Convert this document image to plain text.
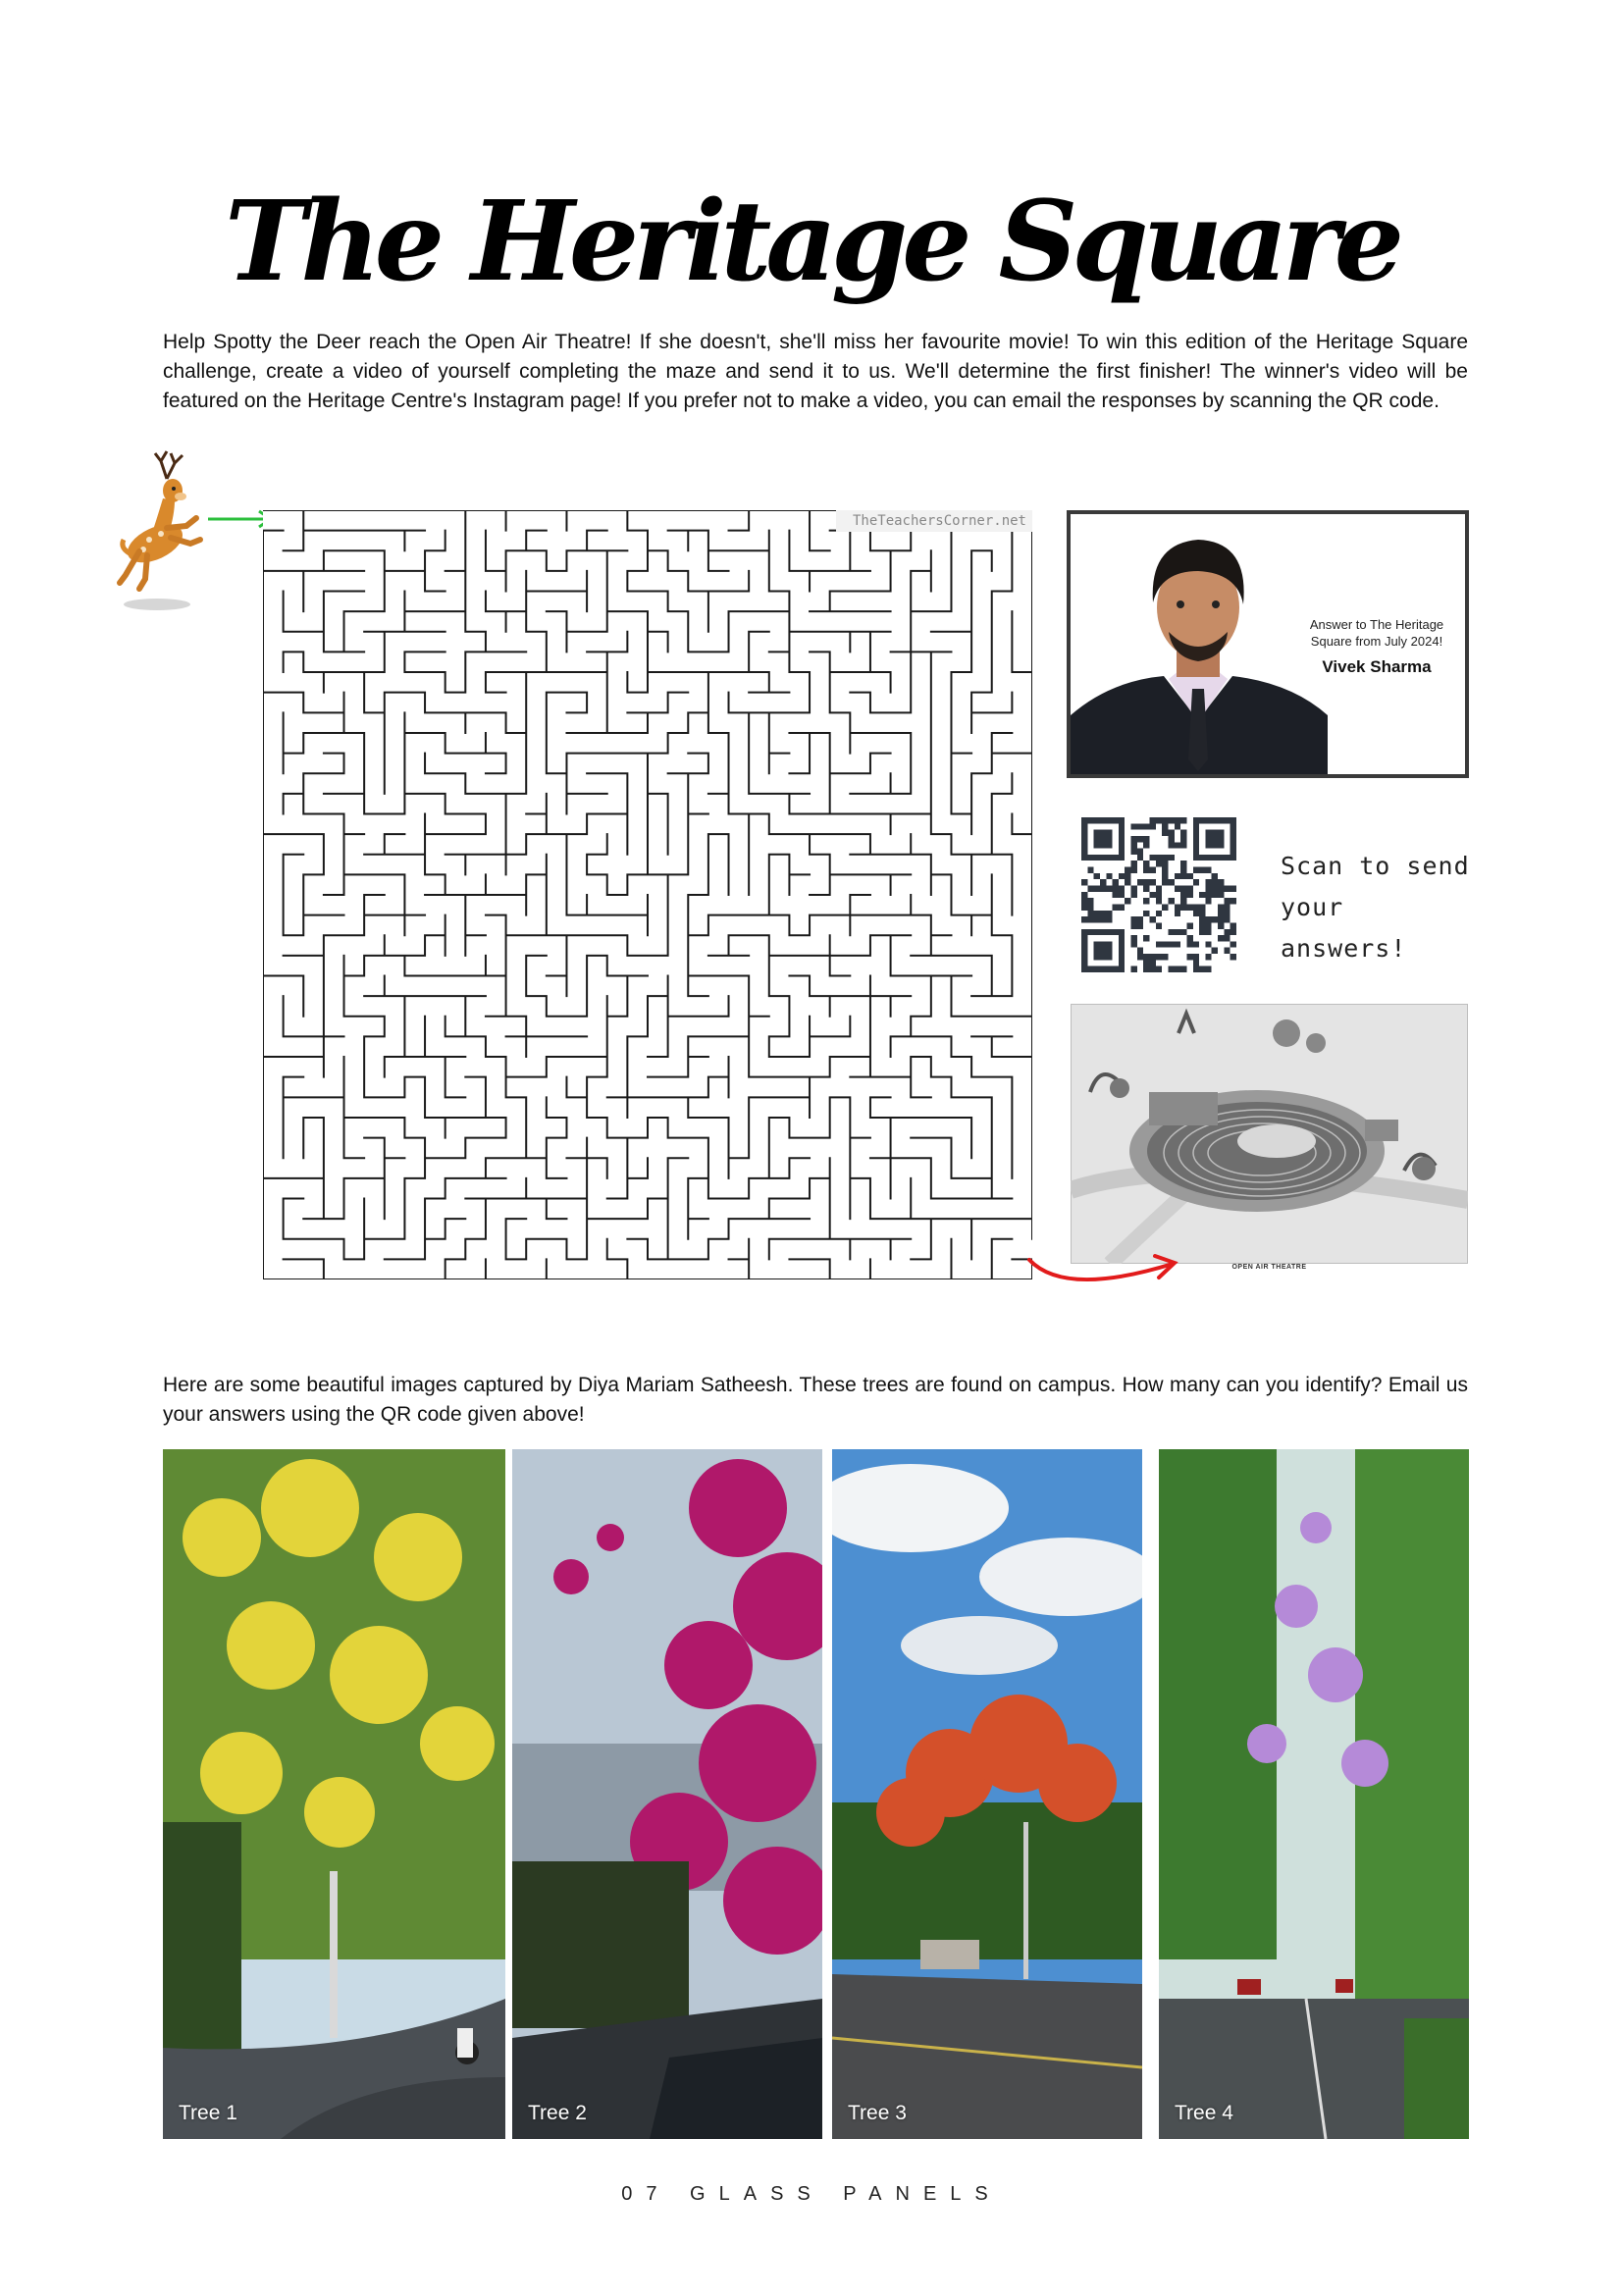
The Heritage Square
Help Spotty the Deer reach the Open Air Theatre! If she doesn't, she'll miss her favourite movie! To win this edition of the Heritage Square challenge, create a video of yourself completing the maze and send it to us. We'll determine the first finisher! The winner's video will be featured on the Heritage Centre's Instagram page! If you prefer not to make a video, you can email the responses by scanning the QR code.
TheTeachersCorner.net
Answer to The Heritage Square from July 2024!
Vivek Sharma
Scan to send
your answers!
OPEN AIR THEATRE
Here are some beautiful images captured by Diya Mariam Satheesh. These trees are found on campus. How many can you identify? Email us your answers using the QR code given above!
Tree 1	Tree 2	Tree 3	Tree 4
07 GLASS PANELS
